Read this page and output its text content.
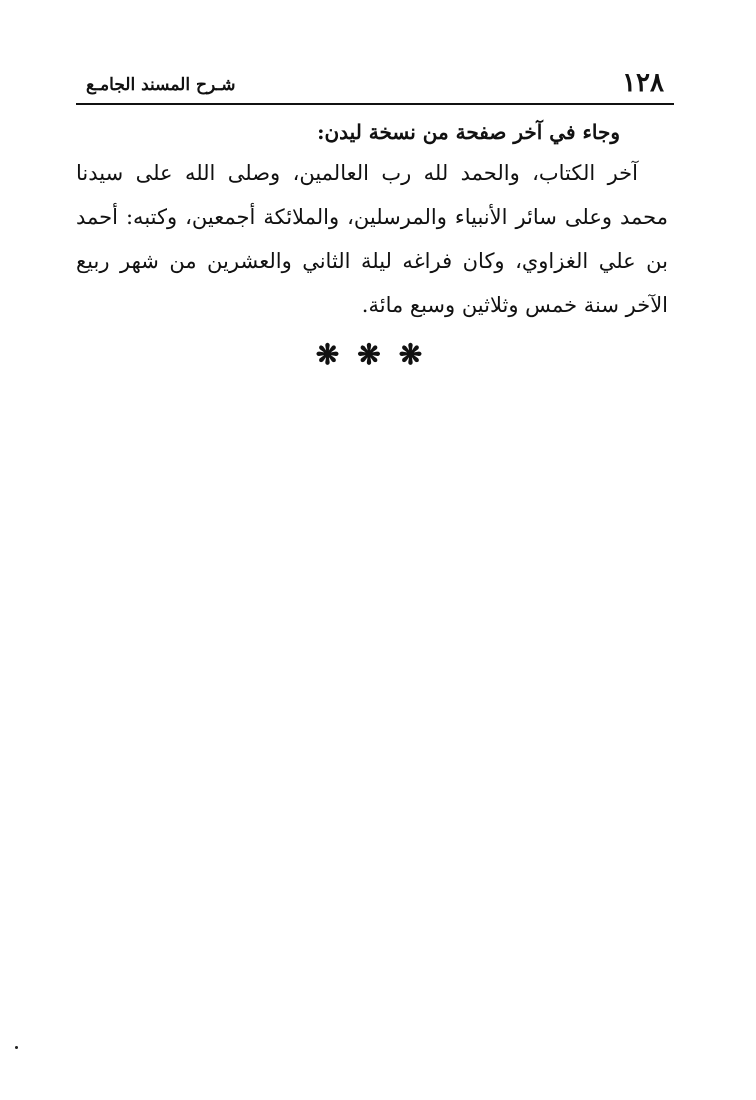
١٢٨
شـرح المسند الجامـع

وجاء في آخر صفحة من نسخة ليدن:

آخر الكتاب، والحمد لله رب العالمين، وصلى الله على سيدنا محمد وعلى سائر الأنبياء والمرسلين، والملائكة أجمعين، وكتبه: أحمد بن علي الغزاوي، وكان فراغه ليلة الثاني والعشرين من شهر ربيع الآخر سنة خمس وثلاثين وسبع مائة.

❋❋❋
